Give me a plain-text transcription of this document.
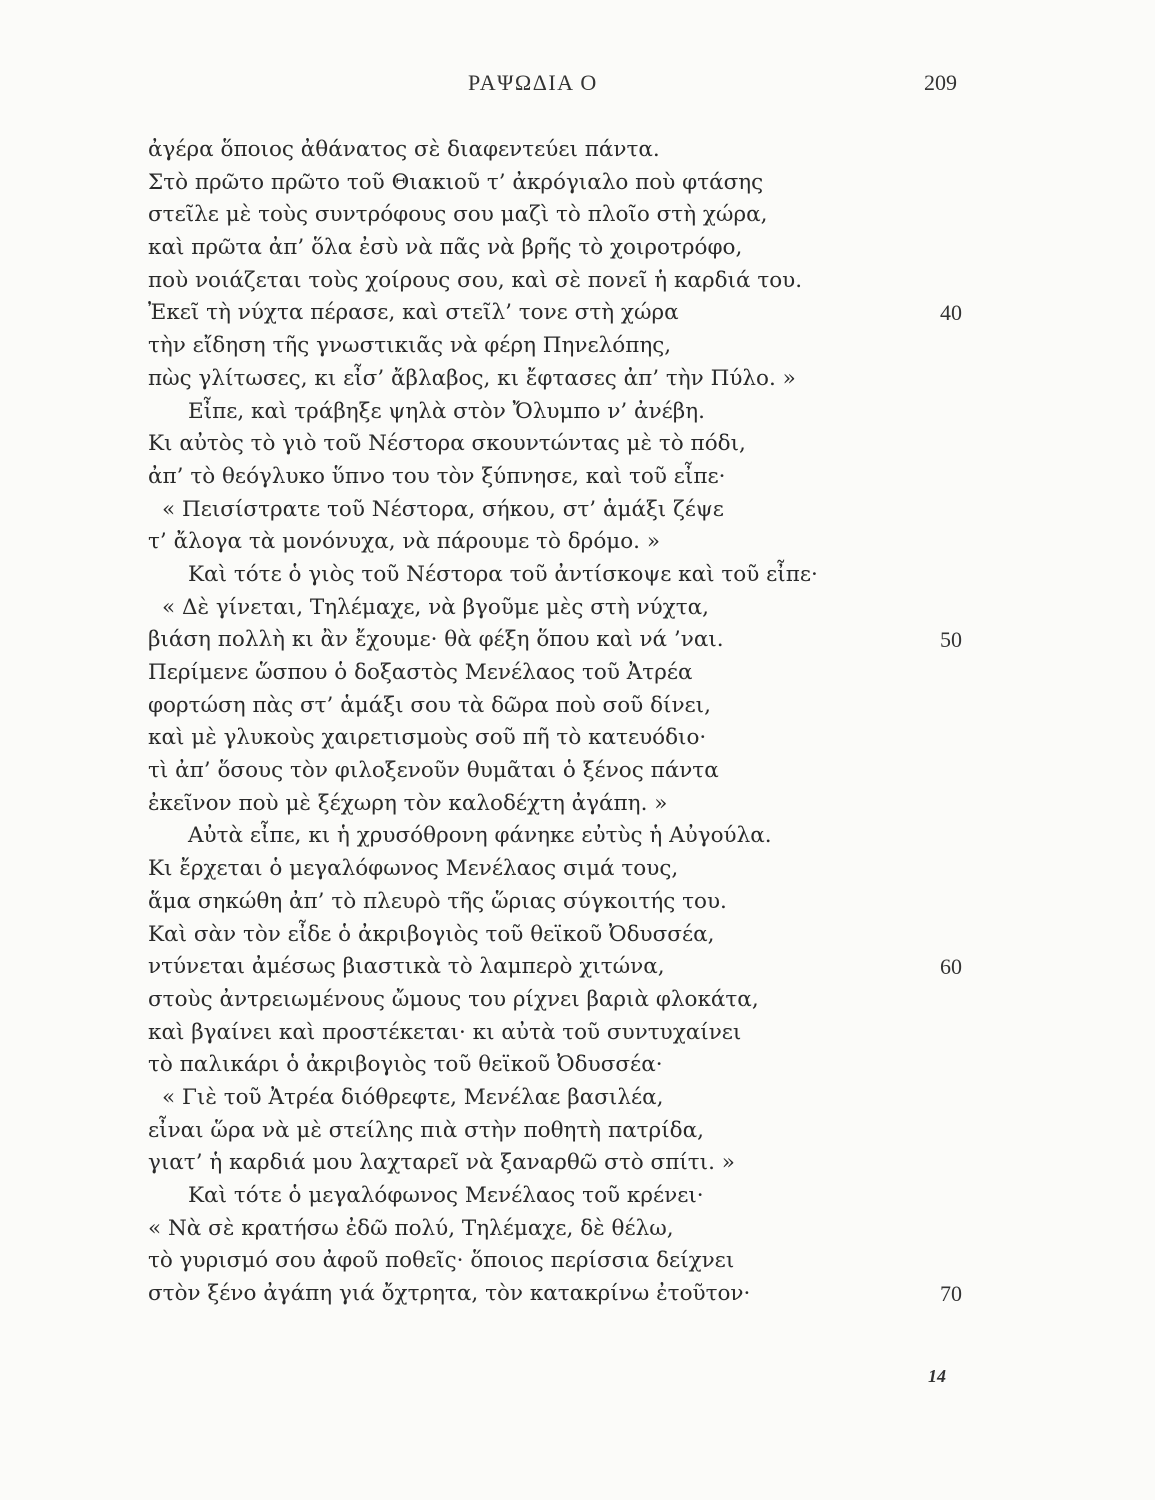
ΡΑΨΩΔΙΑ Ο	209
ἀγέρα ὅποιος ἀθάνατος σὲ διαφεντεύει πάντα.
Στὸ πρῶτο πρῶτο τοῦ Θιακιοῦ τ’ ἀκρόγιαλο ποὺ φτάσης
στεῖλε μὲ τοὺς συντρόφους σου μαζὶ τὸ πλοῖο στὴ χώρα,
καὶ πρῶτα ἀπ’ ὅλα ἐσὺ νὰ πᾶς νὰ βρῆς τὸ χοιροτρόφο,
ποὺ νοιάζεται τοὺς χοίρους σου, καὶ σὲ πονεῖ ἡ καρδιά του.
Ἐκεῖ τὴ νύχτα πέρασε, καὶ στεῖλ’ τονε στὴ χώρα	40
τὴν εἴδηση τῆς γνωστικιᾶς νὰ φέρη Πηνελόπης,
πὼς γλίτωσες, κι εἶσ’ ἄβλαβος, κι ἔφτασες ἀπ’ τὴν Πύλο. »
Εἶπε, καὶ τράβηξε ψηλὰ στὸν Ὄλυμπο ν’ ἀνέβη.
Κι αὐτὸς τὸ γιὸ τοῦ Νέστορα σκουντώντας μὲ τὸ πόδι,
ἀπ’ τὸ θεόγλυκο ὕπνο του τὸν ξύπνησε, καὶ τοῦ εἶπε·
« Πεισίστρατε τοῦ Νέστορα, σήκου, στ’ ἁμάξι ζέψε
τ’ ἄλογα τὰ μονόνυχα, νὰ πάρουμε τὸ δρόμο. »
Καὶ τότε ὁ γιὸς τοῦ Νέστορα τοῦ ἀντίσκοψε καὶ τοῦ εἶπε·
« Δὲ γίνεται, Τηλέμαχε, νὰ βγοῦμε μὲς στὴ νύχτα,
βιάση πολλὴ κι ἂν ἔχουμε· θὰ φέξη ὅπου καὶ νά ’ναι.	50
Περίμενε ὥσπου ὁ δοξαστὸς Μενέλαος τοῦ Ἀτρέα
φορτώση πὰς στ’ ἁμάξι σου τὰ δῶρα ποὺ σοῦ δίνει,
καὶ μὲ γλυκοὺς χαιρετισμοὺς σοῦ πῆ τὸ κατευόδιο·
τὶ ἀπ’ ὅσους τὸν φιλοξενοῦν θυμᾶται ὁ ξένος πάντα
ἐκεῖνον ποὺ μὲ ξέχωρη τὸν καλοδέχτη ἀγάπη. »
Αὐτὰ εἶπε, κι ἡ χρυσόθρονη φάνηκε εὐτὺς ἡ Αὐγούλα.
Κι ἔρχεται ὁ μεγαλόφωνος Μενέλαος σιμά τους,
ἅμα σηκώθη ἀπ’ τὸ πλευρὸ τῆς ὥριας σύγκοιτής του.
Καὶ σὰν τὸν εἶδε ὁ ἀκριβογιὸς τοῦ θεϊκοῦ Ὀδυσσέα,
ντύνεται ἀμέσως βιαστικὰ τὸ λαμπερὸ χιτώνα,	60
στοὺς ἀντρειωμένους ὤμους του ρίχνει βαριὰ φλοκάτα,
καὶ βγαίνει καὶ προστέκεται· κι αὐτὰ τοῦ συντυχαίνει
τὸ παλικάρι ὁ ἀκριβογιὸς τοῦ θεϊκοῦ Ὀδυσσέα·
« Γιὲ τοῦ Ἀτρέα διόθρεφτε, Μενέλαε βασιλέα,
εἶναι ὥρα νὰ μὲ στείλης πιὰ στὴν ποθητὴ πατρίδα,
γιατ’ ἡ καρδιά μου λαχταρεῖ νὰ ξαναρθῶ στὸ σπίτι. »
Καὶ τότε ὁ μεγαλόφωνος Μενέλαος τοῦ κρένει·
« Νὰ σὲ κρατήσω ἐδῶ πολύ, Τηλέμαχε, δὲ θέλω,
τὸ γυρισμό σου ἀφοῦ ποθεῖς· ὅποιος περίσσια δείχνει
στὸν ξένο ἀγάπη γιά ὄχτρητα, τὸν κατακρίνω ἐτοῦτον·	70
14
